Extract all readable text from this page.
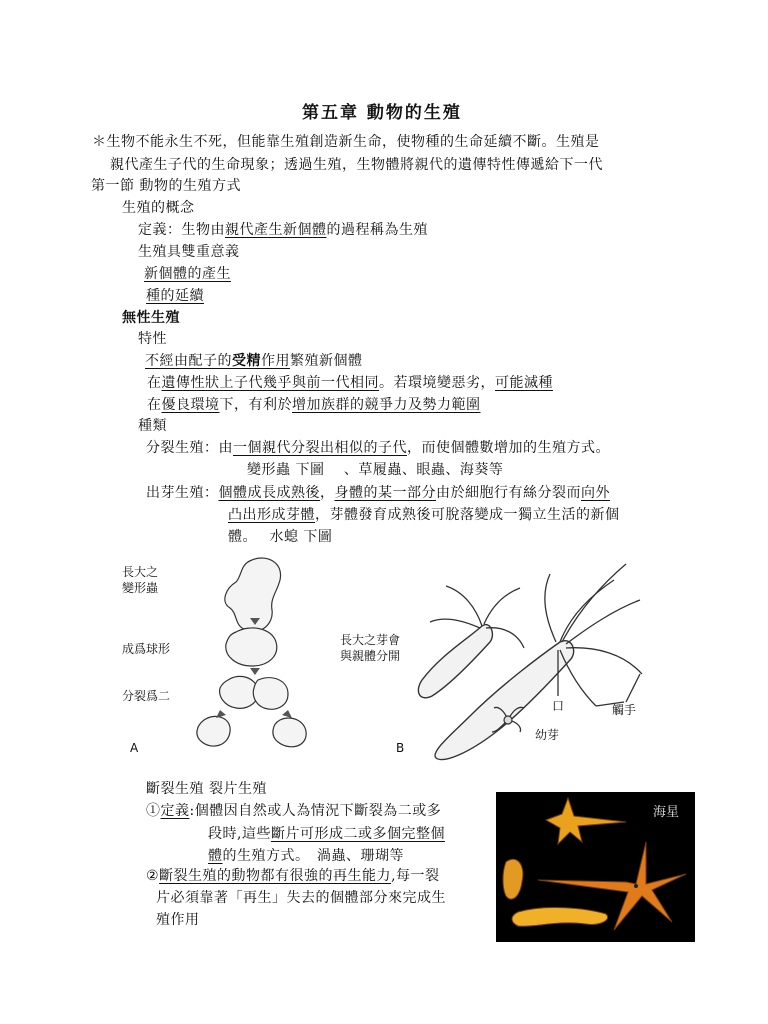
第五章 動物的生殖
＊生物不能永生不死，但能靠生殖創造新生命，使物種的生命延續不斷。生殖是
親代產生子代的生命現象；透過生殖，生物體將親代的遺傳特性傳遞給下一代
第一節 動物的生殖方式
生殖的概念
定義：生物由親代產生新個體的過程稱為生殖
生殖具雙重意義
新個體的產生
種的延續
無性生殖
特性
不經由配子的受精作用繁殖新個體
在遺傳性狀上子代幾乎與前一代相同。若環境變惡劣，可能滅種
在優良環境下，有利於增加族群的競爭力及勢力範圍
種類
分裂生殖：由一個親代分裂出相似的子代，而使個體數增加的生殖方式。
變形蟲 下圖　 、草履蟲、眼蟲、海葵等
出芽生殖：個體成長成熟後，身體的某一部分由於細胞行有絲分裂而向外
凸出形成芽體，芽體發育成熟後可脫落變成一獨立生活的新個
體。　 水螅 下圖
長大之
變形蟲
成爲球形
分裂爲二
A
長大之芽會
與親體分開
口	觸手
幼芽
B
斷裂生殖 裂片生殖
①定義:個體因自然或人為情況下斷裂為二或多
段時,這些斷片可形成二或多個完整個
體的生殖方式。　渦蟲、珊瑚等
②斷裂生殖的動物都有很強的再生能力,每一裂
片必須靠著「再生」失去的個體部分來完成生
殖作用
海星
